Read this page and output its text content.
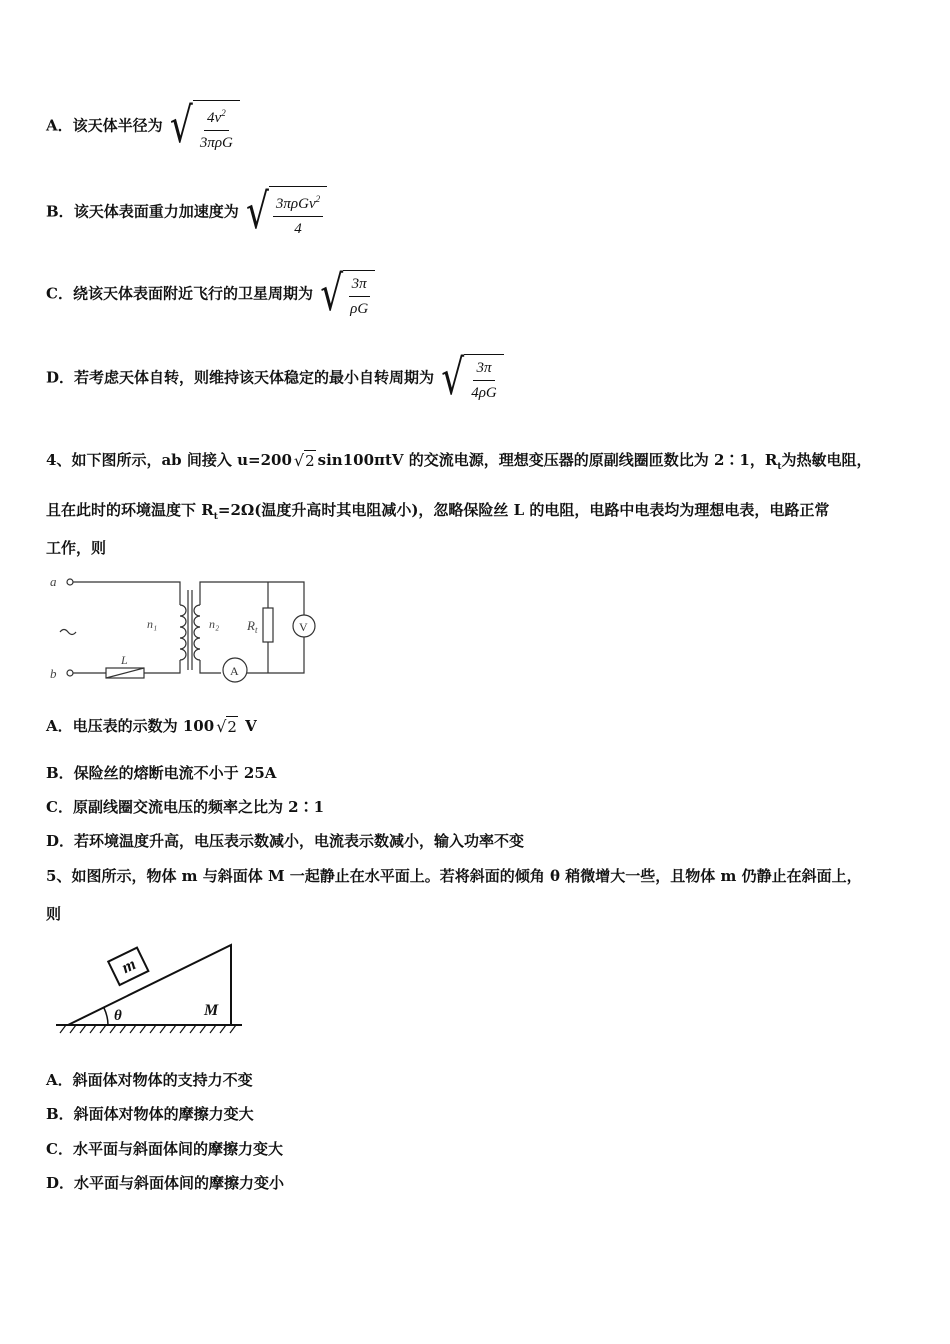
A．该天体半径为 √ $\frac{4v^2}{\text{3πρG}}$
B．该天体表面重力加速度为 √ $\frac{3\pi\rho Gv^2}{4}$
C．绕该天体表面附近飞行的卫星周期为 √ $\frac{3\pi}{\rho G}$
D．若考虑天体自转，则维持该天体稳定的最小自转周期为 √ $\frac{3\pi}{4\rho G}$
4、如下图所示，ab 间接入 u=200 √ 2 sin100πtV 的交流电源，理想变压器的原副线圈匝数比为 2∶1，$R_t$为热敏电阻，
且在此时的环境温度下 $R_t=2\Omega$(温度升高时其电阻减小)，忽略保险丝 L 的电阻，电路中电表均为理想电表，电路正常
工作，则
a
b
n₁	n₂ $R_t$	V
A
L
A．电压表的示数为 100 √ 2 V
B．保险丝的熔断电流不小于 25A
C．原副线圈交流电压的频率之比为 2∶1
D．若环境温度升高，电压表示数减小，电流表示数减小，输入功率不变
5、如图所示，物体 m 与斜面体 M 一起静止在水平面上。若将斜面的倾角 θ 稍微增大一些，且物体 m 仍静止在斜面上，
则
m
M
θ
A．斜面体对物体的支持力不变
B．斜面体对物体的摩擦力变大
C．水平面与斜面体间的摩擦力变大
D．水平面与斜面体间的摩擦力变小
